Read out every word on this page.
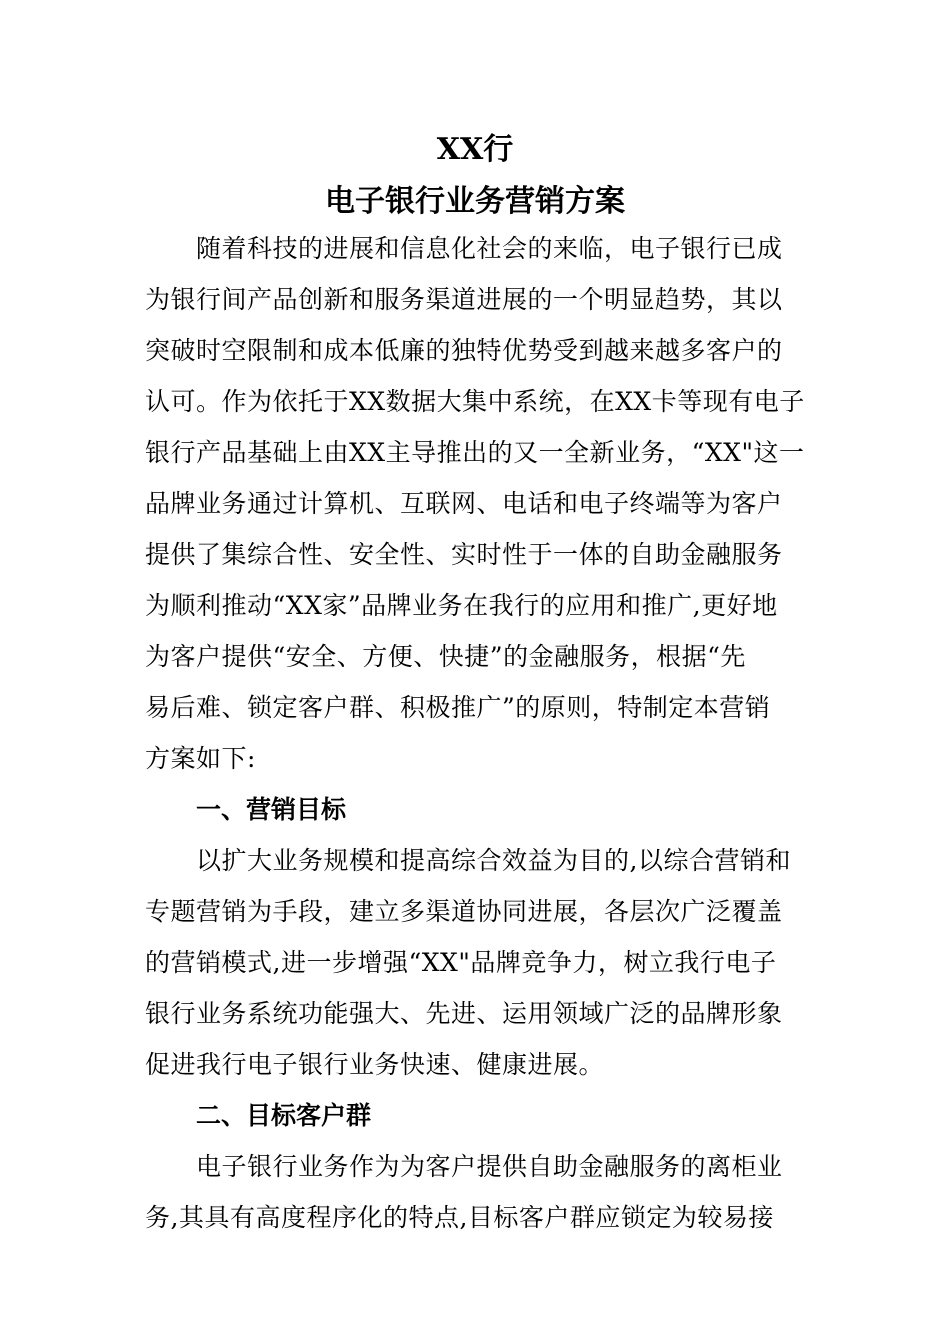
XX行
电子银行业务营销方案
　　随着科技的进展和信息化社会的来临，电子银行已成
为银行间产品创新和服务渠道进展的一个明显趋势，其以
突破时空限制和成本低廉的独特优势受到越来越多客户的
认可。作为依托于XX数据大集中系统，在XX卡等现有电子
银行产品基础上由XX主导推出的又一全新业务，“XX"这一
品牌业务通过计算机、互联网、电话和电子终端等为客户
提供了集综合性、安全性、实时性于一体的自助金融服务
为顺利推动“XX家”品牌业务在我行的应用和推广,更好地
为客户提供“安全、方便、快捷”的金融服务，根据“先
易后难、锁定客户群、积极推广”的原则，特制定本营销
方案如下:
一、营销目标
　　以扩大业务规模和提高综合效益为目的,以综合营销和
专题营销为手段，建立多渠道协同进展，各层次广泛覆盖
的营销模式,进一步增强“XX"品牌竞争力，树立我行电子
银行业务系统功能强大、先进、运用领域广泛的品牌形象
促进我行电子银行业务快速、健康进展。
二、目标客户群
　　电子银行业务作为为客户提供自助金融服务的离柜业
务,其具有高度程序化的特点,目标客户群应锁定为较易接
